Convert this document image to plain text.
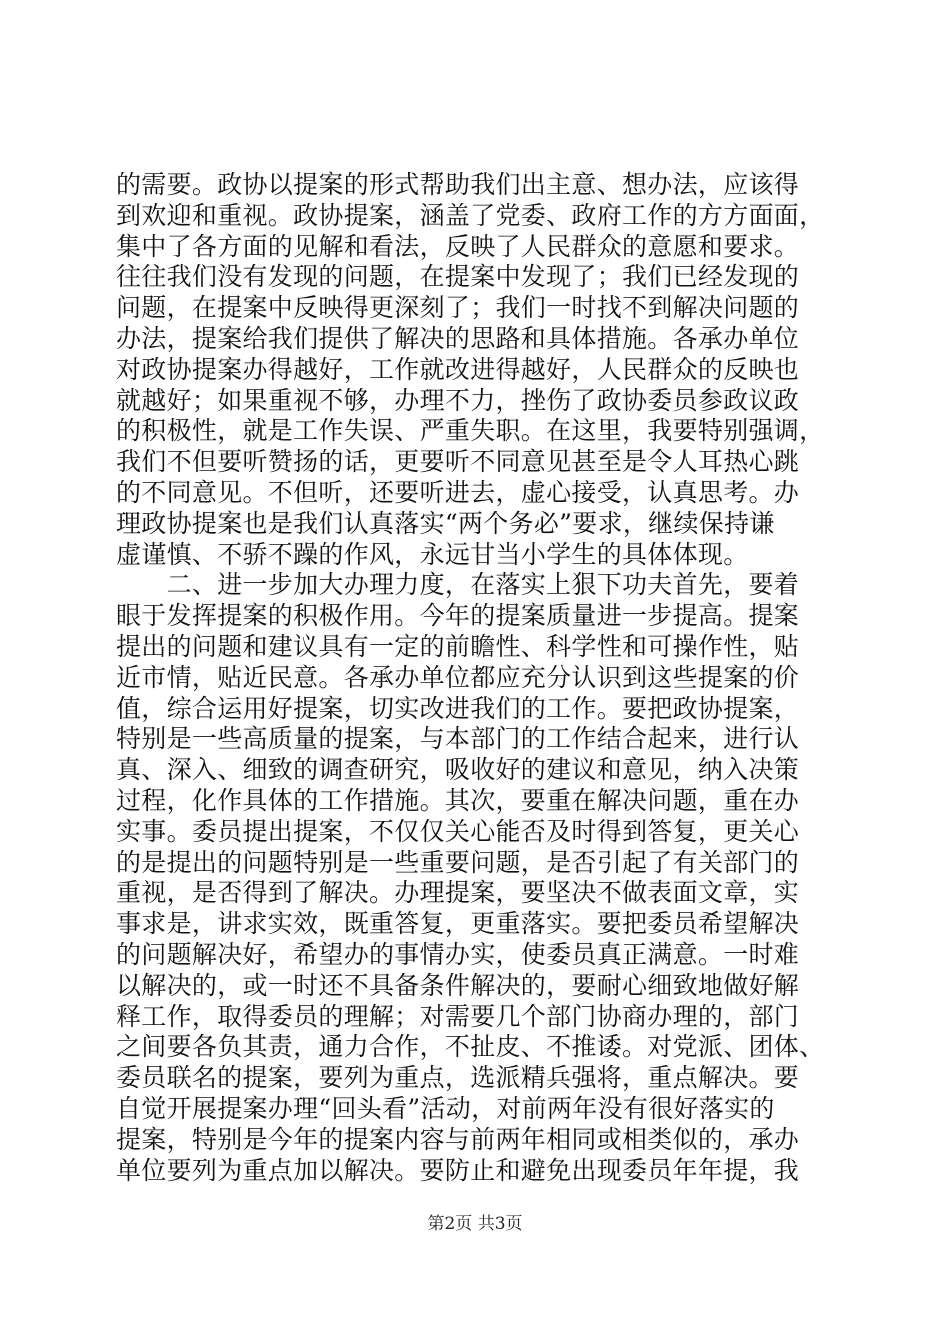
的需要。政协以提案的形式帮助我们出主意、想办法，应该得
到欢迎和重视。政协提案，涵盖了党委、政府工作的方方面面，
集中了各方面的见解和看法，反映了人民群众的意愿和要求。
往往我们没有发现的问题，在提案中发现了；我们已经发现的
问题，在提案中反映得更深刻了；我们一时找不到解决问题的
办法，提案给我们提供了解决的思路和具体措施。各承办单位
对政协提案办得越好，工作就改进得越好，人民群众的反映也
就越好；如果重视不够，办理不力，挫伤了政协委员参政议政
的积极性，就是工作失误、严重失职。在这里，我要特别强调，
我们不但要听赞扬的话，更要听不同意见甚至是令人耳热心跳
的不同意见。不但听，还要听进去，虚心接受，认真思考。办
理政协提案也是我们认真落实“两个务必”要求，继续保持谦
虚谨慎、不骄不躁的作风，永远甘当小学生的具体体现。
　　二、进一步加大办理力度，在落实上狠下功夫首先，要着
眼于发挥提案的积极作用。今年的提案质量进一步提高。提案
提出的问题和建议具有一定的前瞻性、科学性和可操作性，贴
近市情，贴近民意。各承办单位都应充分认识到这些提案的价
值，综合运用好提案，切实改进我们的工作。要把政协提案，
特别是一些高质量的提案，与本部门的工作结合起来，进行认
真、深入、细致的调查研究，吸收好的建议和意见，纳入决策
过程，化作具体的工作措施。其次，要重在解决问题，重在办
实事。委员提出提案，不仅仅关心能否及时得到答复，更关心
的是提出的问题特别是一些重要问题，是否引起了有关部门的
重视，是否得到了解决。办理提案，要坚决不做表面文章，实
事求是，讲求实效，既重答复，更重落实。要把委员希望解决
的问题解决好，希望办的事情办实，使委员真正满意。一时难
以解决的，或一时还不具备条件解决的，要耐心细致地做好解
释工作，取得委员的理解；对需要几个部门协商办理的，部门
之间要各负其责，通力合作，不扯皮、不推诿。对党派、团体、
委员联名的提案，要列为重点，选派精兵强将，重点解决。要
自觉开展提案办理“回头看”活动，对前两年没有很好落实的
提案，特别是今年的提案内容与前两年相同或相类似的，承办
单位要列为重点加以解决。要防止和避免出现委员年年提，我
第2页 共3页
